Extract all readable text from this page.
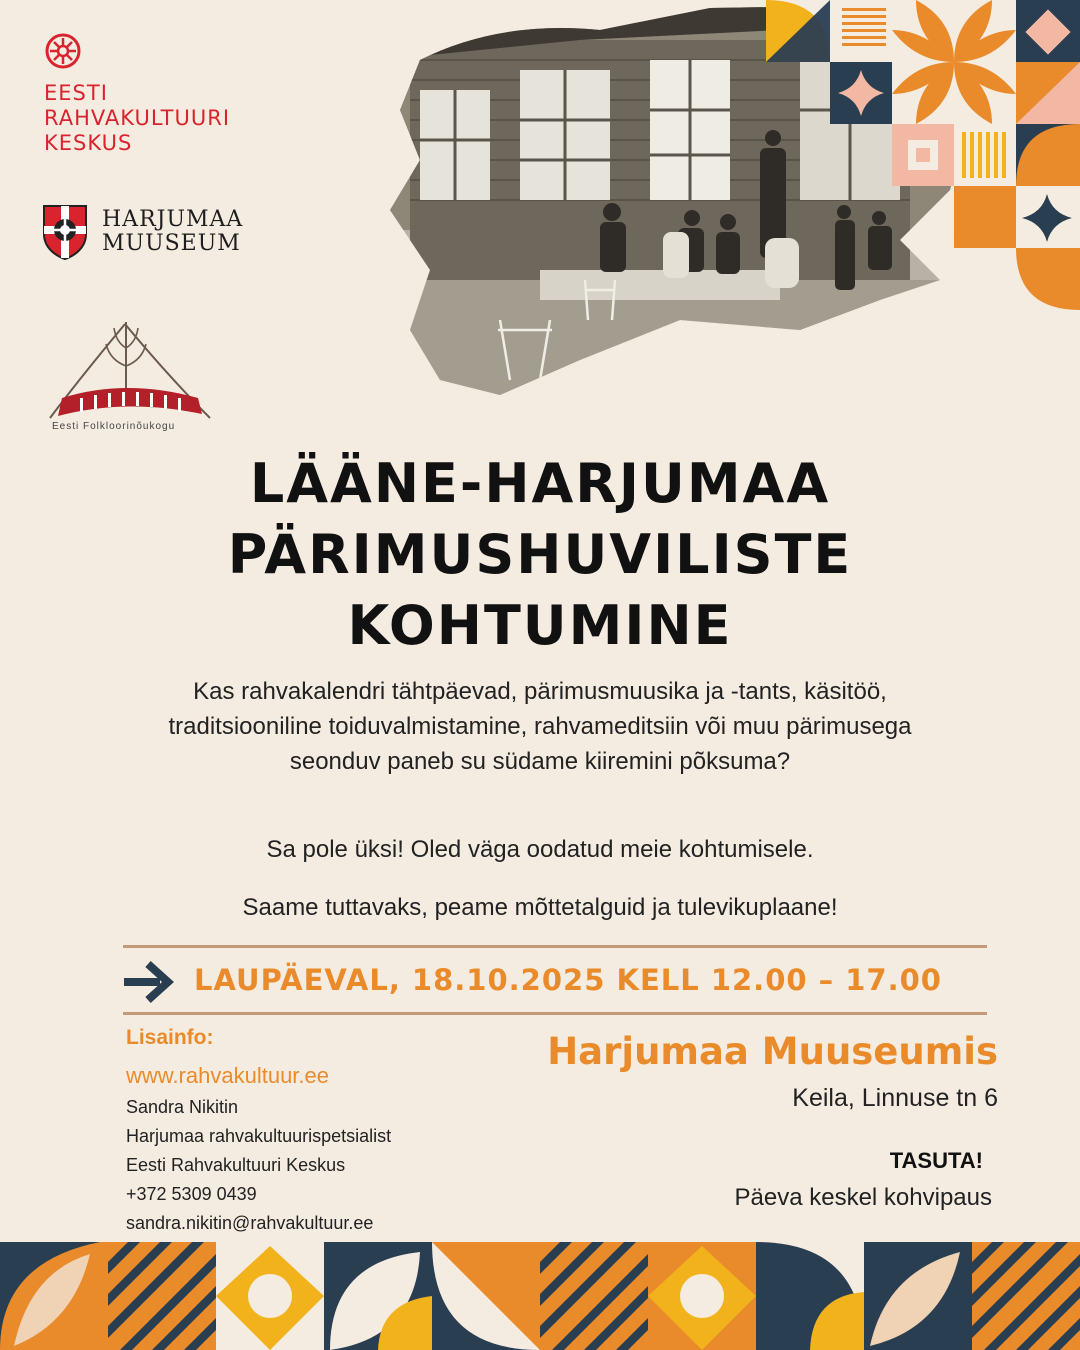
EESTI RAHVAKULTUURI KESKUS
HARJUMAA
MUUSEUM
Eesti Folkloorinõukogu
LÄÄNE-HARJUMAA
PÄRIMUSHUVILISTE
KOHTUMINE
Kas rahvakalendri tähtpäevad, pärimusmuusika ja -tants, käsitöö, traditsiooniline toiduvalmistamine, rahvameditsiin või muu pärimusega seonduv paneb su südame kiiremini põksuma?
Sa pole üksi! Oled väga oodatud meie kohtumisele.
Saame tuttavaks, peame mõttetalguid ja tulevikuplaane!
LAUPÄEVAL, 18.10.2025 KELL 12.00 – 17.00
Lisainfo:
www.rahvakultuur.ee
Sandra Nikitin
Harjumaa rahvakultuurispetsialist
Eesti Rahvakultuuri Keskus
+372 5309 0439
sandra.nikitin@rahvakultuur.ee
Harjumaa Muuseumis
Keila, Linnuse tn 6
TASUTA!
Päeva keskel kohvipaus
